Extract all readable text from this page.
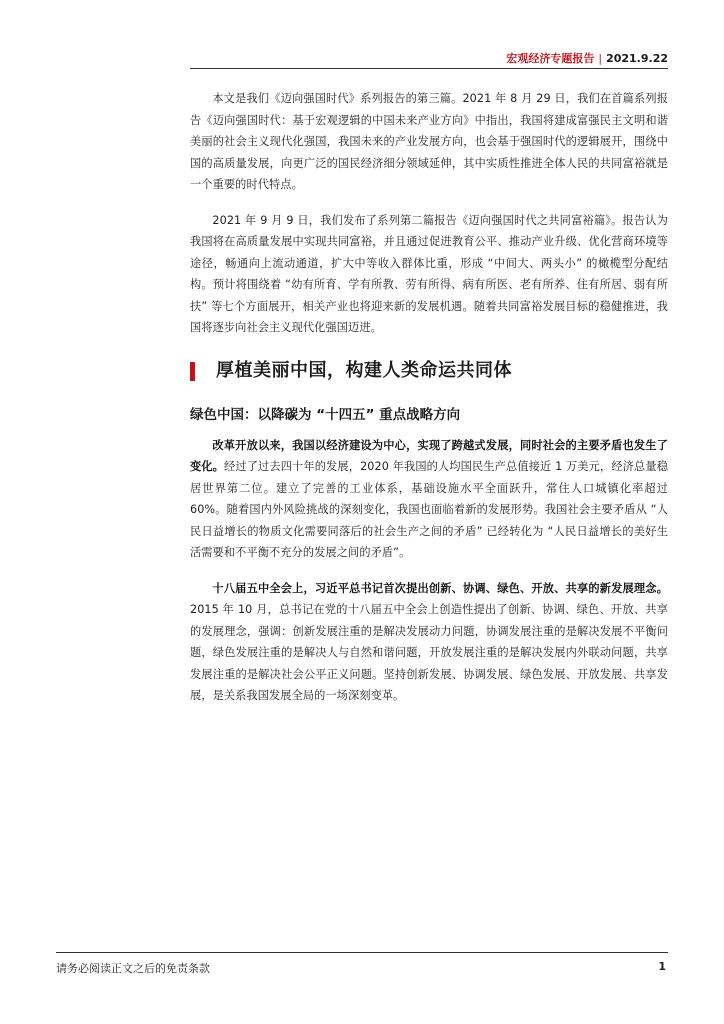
宏观经济专题报告 | 2021.9.22

本文是我们《迈向强国时代》系列报告的第三篇。2021 年 8 月 29 日，我们在首篇系列报告《迈向强国时代：基于宏观逻辑的中国未来产业方向》中指出，我国将建成富强民主文明和谐美丽的社会主义现代化强国，我国未来的产业发展方向，也会基于强国时代的逻辑展开，围绕中国的高质量发展，向更广泛的国民经济细分领域延伸，其中实质性推进全体人民的共同富裕就是一个重要的时代特点。

2021 年 9 月 9 日，我们发布了系列第二篇报告《迈向强国时代之共同富裕篇》。报告认为我国将在高质量发展中实现共同富裕，并且通过促进教育公平、推动产业升级、优化营商环境等途径，畅通向上流动通道，扩大中等收入群体比重，形成 “中间大、两头小” 的橄榄型分配结构。预计将围绕着 “幼有所育、学有所教、劳有所得、病有所医、老有所养、住有所居、弱有所扶” 等七个方面展开，相关产业也将迎来新的发展机遇。随着共同富裕发展目标的稳健推进，我国将逐步向社会主义现代化强国迈进。

厚植美丽中国，构建人类命运共同体
绿色中国：以降碳为 “十四五” 重点战略方向

改革开放以来，我国以经济建设为中心，实现了跨越式发展，同时社会的主要矛盾也发生了变化。经过了过去四十年的发展，2020 年我国的人均国民生产总值接近 1 万美元，经济总量稳居世界第二位。建立了完善的工业体系，基础设施水平全面跃升，常住人口城镇化率超过 60%。随着国内外风险挑战的深刻变化，我国也面临着新的发展形势。我国社会主要矛盾从 “人民日益增长的物质文化需要同落后的社会生产之间的矛盾” 已经转化为 “人民日益增长的美好生活需要和不平衡不充分的发展之间的矛盾”。

十八届五中全会上，习近平总书记首次提出创新、协调、绿色、开放、共享的新发展理念。2015 年 10 月，总书记在党的十八届五中全会上创造性提出了创新、协调、绿色、开放、共享的发展理念，强调：创新发展注重的是解决发展动力问题，协调发展注重的是解决发展不平衡问题，绿色发展注重的是解决人与自然和谐问题，开放发展注重的是解决发展内外联动问题，共享发展注重的是解决社会公平正义问题。坚持创新发展、协调发展、绿色发展、开放发展、共享发展，是关系我国发展全局的一场深刻变革。

请务必阅读正文之后的免责条款	1
